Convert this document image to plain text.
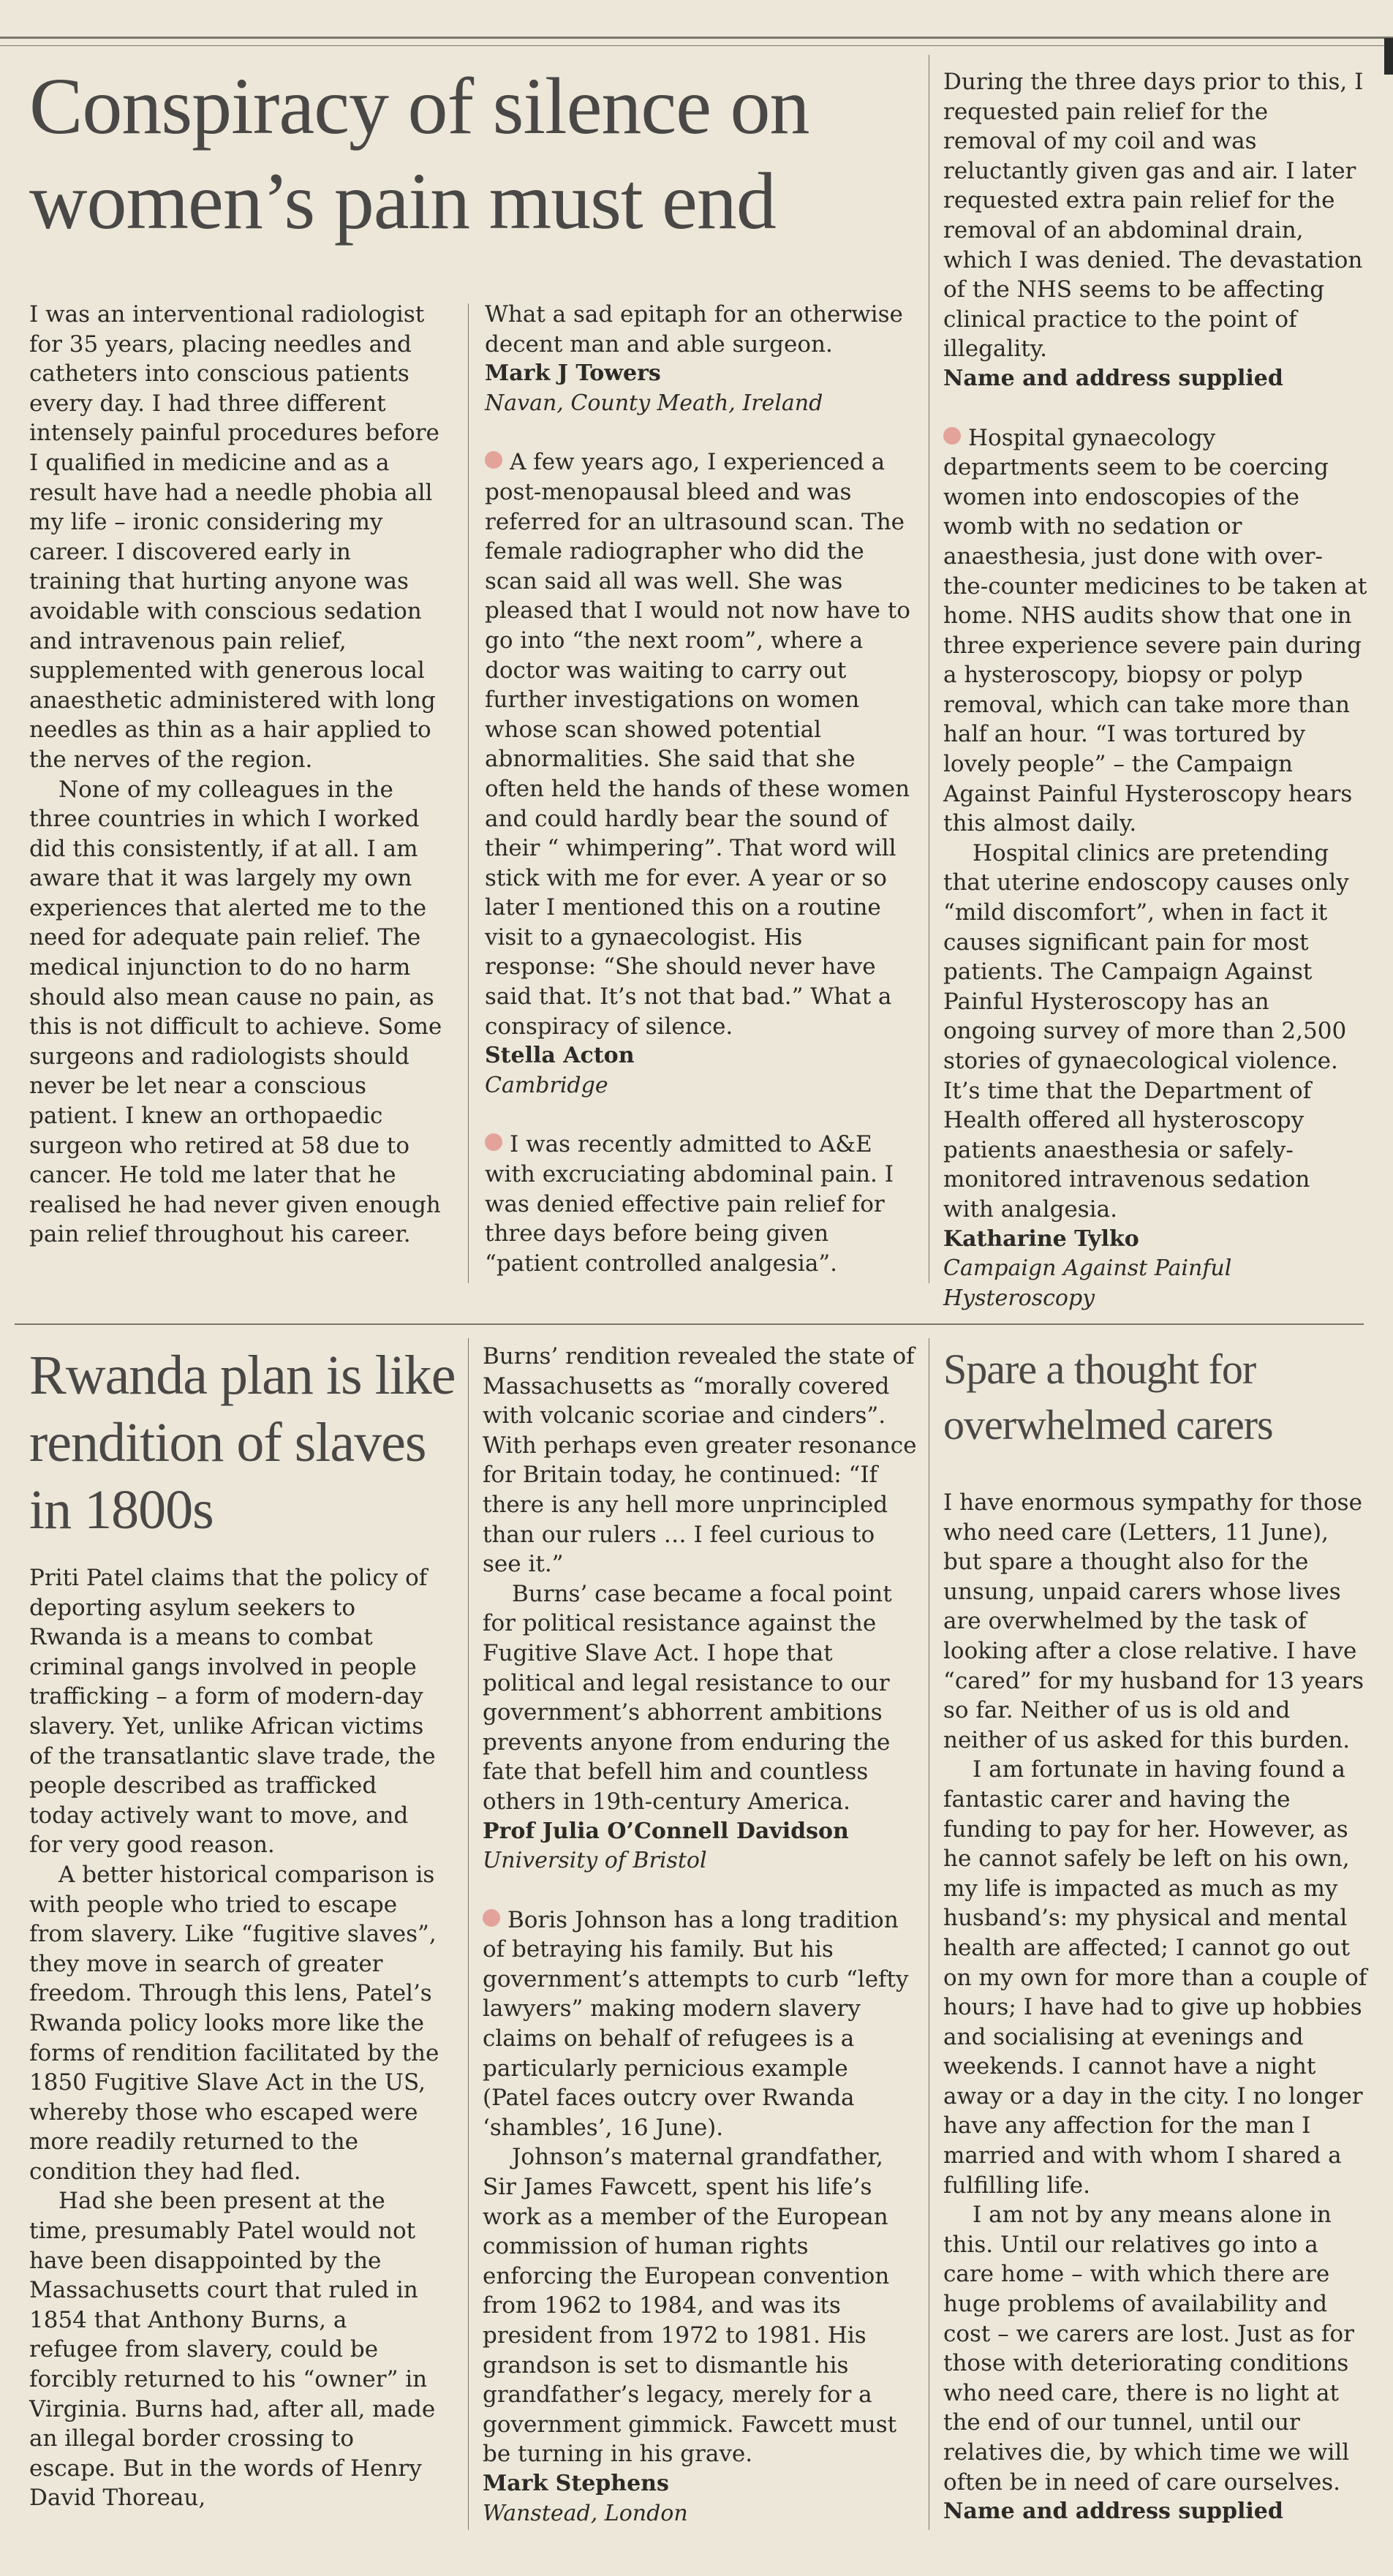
Conspiracy of silence on women’s pain must end

I was an interventional radiologist for 35 years, placing needles and catheters into conscious patients every day. I had three different intensely painful procedures before I qualified in medicine and as a result have had a needle phobia all my life – ironic considering my career. I discovered early in training that hurting anyone was avoidable with conscious sedation and intravenous pain relief, supplemented with generous local anaesthetic administered with long needles as thin as a hair applied to the nerves of the region.

None of my colleagues in the three countries in which I worked did this consistently, if at all. I am aware that it was largely my own experiences that alerted me to the need for adequate pain relief. The medical injunction to do no harm should also mean cause no pain, as this is not difficult to achieve. Some surgeons and radiologists should never be let near a conscious patient. I knew an orthopaedic surgeon who retired at 58 due to cancer. He told me later that he realised he had never given enough pain relief throughout his career.

What a sad epitaph for an otherwise decent man and able surgeon.

Mark J Towers
Navan, County Meath, Ireland

A few years ago, I experienced a post-menopausal bleed and was referred for an ultrasound scan. The female radiographer who did the scan said all was well. She was pleased that I would not now have to go into “the next room”, where a doctor was waiting to carry out further investigations on women whose scan showed potential abnormalities. She said that she often held the hands of these women and could hardly bear the sound of their “ whimpering”. That word will stick with me for ever. A year or so later I mentioned this on a routine visit to a gynaecologist. His response: “She should never have said that. It’s not that bad.” What a conspiracy of silence.

Stella Acton
Cambridge

I was recently admitted to A&E with excruciating abdominal pain. I was denied effective pain relief for three days before being given “patient controlled analgesia”.

During the three days prior to this, I requested pain relief for the removal of my coil and was reluctantly given gas and air. I later requested extra pain relief for the removal of an abdominal drain, which I was denied. The devastation of the NHS seems to be affecting clinical practice to the point of illegality.

Name and address supplied

Hospital gynaecology departments seem to be coercing women into endoscopies of the womb with no sedation or anaesthesia, just done with over-the-counter medicines to be taken at home. NHS audits show that one in three experience severe pain during a hysteroscopy, biopsy or polyp removal, which can take more than half an hour. “I was tortured by lovely people” – the Campaign Against Painful Hysteroscopy hears this almost daily.

Hospital clinics are pretending that uterine endoscopy causes only “mild discomfort”, when in fact it causes significant pain for most patients. The Campaign Against Painful Hysteroscopy has an ongoing survey of more than 2,500 stories of gynaecological violence. It’s time that the Department of Health offered all hysteroscopy patients anaesthesia or safely-monitored intravenous sedation with analgesia.

Katharine Tylko
Campaign Against Painful Hysteroscopy
Rwanda plan is like rendition of slaves in 1800s

Priti Patel claims that the policy of deporting asylum seekers to Rwanda is a means to combat criminal gangs involved in people trafficking – a form of modern-day slavery. Yet, unlike African victims of the transatlantic slave trade, the people described as trafficked today actively want to move, and for very good reason.

A better historical comparison is with people who tried to escape from slavery. Like “fugitive slaves”, they move in search of greater freedom. Through this lens, Patel’s Rwanda policy looks more like the forms of rendition facilitated by the 1850 Fugitive Slave Act in the US, whereby those who escaped were more readily returned to the condition they had fled.

Had she been present at the time, presumably Patel would not have been disappointed by the Massachusetts court that ruled in 1854 that Anthony Burns, a refugee from slavery, could be forcibly returned to his “owner” in Virginia. Burns had, after all, made an illegal border crossing to escape. But in the words of Henry David Thoreau,

Burns’ rendition revealed the state of Massachusetts as “morally covered with volcanic scoriae and cinders”. With perhaps even greater resonance for Britain today, he continued: “If there is any hell more unprincipled than our rulers … I feel curious to see it.”

Burns’ case became a focal point for political resistance against the Fugitive Slave Act. I hope that political and legal resistance to our government’s abhorrent ambitions prevents anyone from enduring the fate that befell him and countless others in 19th-century America.

Prof Julia O’Connell Davidson
University of Bristol

Boris Johnson has a long tradition of betraying his family. But his government’s attempts to curb “lefty lawyers” making modern slavery claims on behalf of refugees is a particularly pernicious example (Patel faces outcry over Rwanda ‘shambles’, 16 June).

Johnson’s maternal grandfather, Sir James Fawcett, spent his life’s work as a member of the European commission of human rights enforcing the European convention from 1962 to 1984, and was its president from 1972 to 1981. His grandson is set to dismantle his grandfather’s legacy, merely for a government gimmick. Fawcett must be turning in his grave.

Mark Stephens
Wanstead, London
Spare a thought for overwhelmed carers

I have enormous sympathy for those who need care (Letters, 11 June), but spare a thought also for the unsung, unpaid carers whose lives are overwhelmed by the task of looking after a close relative. I have “cared” for my husband for 13 years so far. Neither of us is old and neither of us asked for this burden.

I am fortunate in having found a fantastic carer and having the funding to pay for her. However, as he cannot safely be left on his own, my life is impacted as much as my husband’s: my physical and mental health are affected; I cannot go out on my own for more than a couple of hours; I have had to give up hobbies and socialising at evenings and weekends. I cannot have a night away or a day in the city. I no longer have any affection for the man I married and with whom I shared a fulfilling life.

I am not by any means alone in this. Until our relatives go into a care home – with which there are huge problems of availability and cost – we carers are lost. Just as for those with deteriorating conditions who need care, there is no light at the end of our tunnel, until our relatives die, by which time we will often be in need of care ourselves.

Name and address supplied
